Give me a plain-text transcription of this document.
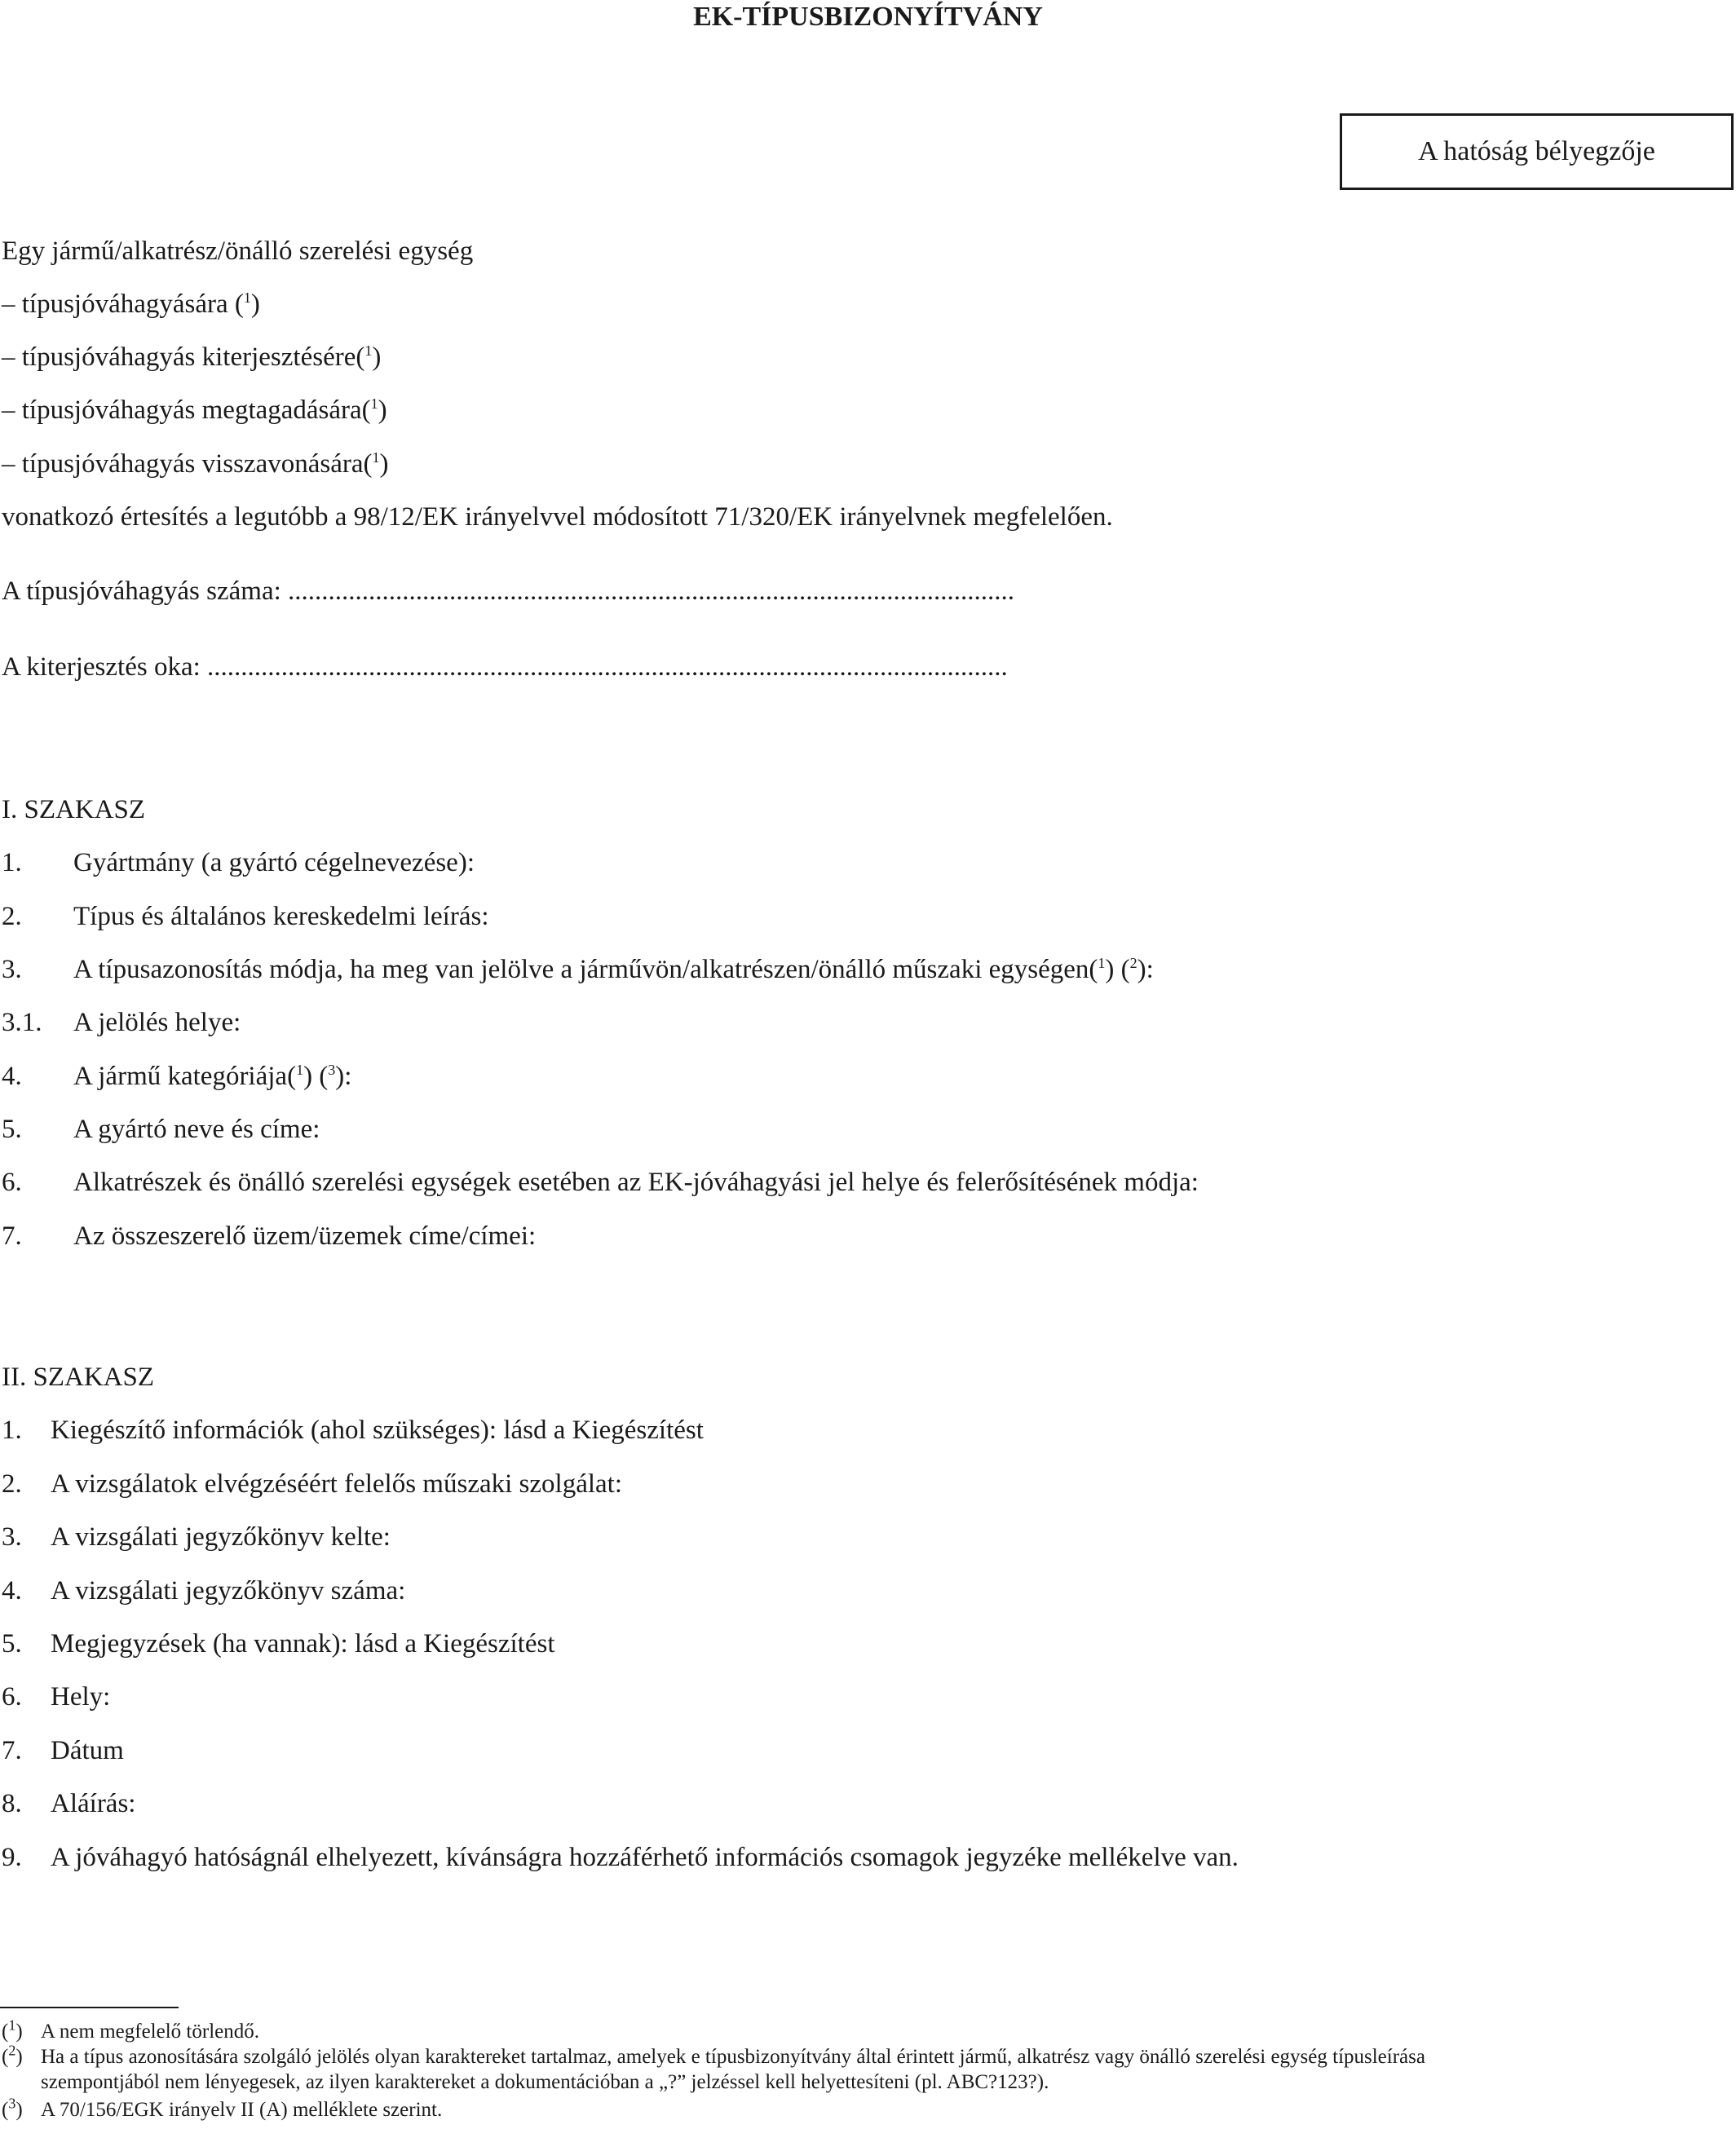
EK-TÍPUSBIZONYÍTVÁNY
A hatóság bélyegzője
Egy jármű/alkatrész/önálló szerelési egység
– típusjóváhagyására ($^1$)
– típusjóváhagyás kiterjesztésére($^1$)
– típusjóváhagyás megtagadására($^1$)
– típusjóváhagyás visszavonására($^1$)
vonatkozó értesítés a legutóbb a 98/12/EK irányelvvel módosított 71/320/EK irányelvnek megfelelően.
A típusjóváhagyás száma: ............................................................................................................
A kiterjesztés oka: .......................................................................................................................
I. SZAKASZ
1. Gyártmány (a gyártó cégelnevezése):
2. Típus és általános kereskedelmi leírás:
3. A típusazonosítás módja, ha meg van jelölve a járművön/alkatrészen/önálló műszaki egységen($^1$) ($^2$):
3.1. A jelölés helye:
4. A jármű kategóriája($^1$) ($^3$):
5. A gyártó neve és címe:
6. Alkatrészek és önálló szerelési egységek esetében az EK-jóváhagyási jel helye és felerősítésének módja:
7. Az összeszerelő üzem/üzemek címe/címei:
II. SZAKASZ
1. Kiegészítő információk (ahol szükséges): lásd a Kiegészítést
2. A vizsgálatok elvégzéséért felelős műszaki szolgálat:
3. A vizsgálati jegyzőkönyv kelte:
4. A vizsgálati jegyzőkönyv száma:
5. Megjegyzések (ha vannak): lásd a Kiegészítést
6. Hely:
7. Dátum
8. Aláírás:
9. A jóváhagyó hatóságnál elhelyezett, kívánságra hozzáférhető információs csomagok jegyzéke mellékelve van.
($^1$) A nem megfelelő törlendő.
($^2$) Ha a típus azonosítására szolgáló jelölés olyan karaktereket tartalmaz, amelyek e típusbizonyítvány által érintett jármű, alkatrész vagy önálló szerelési egység típusleírása
szempontjából nem lényegesek, az ilyen karaktereket a dokumentációban a „?” jelzéssel kell helyettesíteni (pl. ABC?123?).
($^3$) A 70/156/EGK irányelv II (A) melléklete szerint.
